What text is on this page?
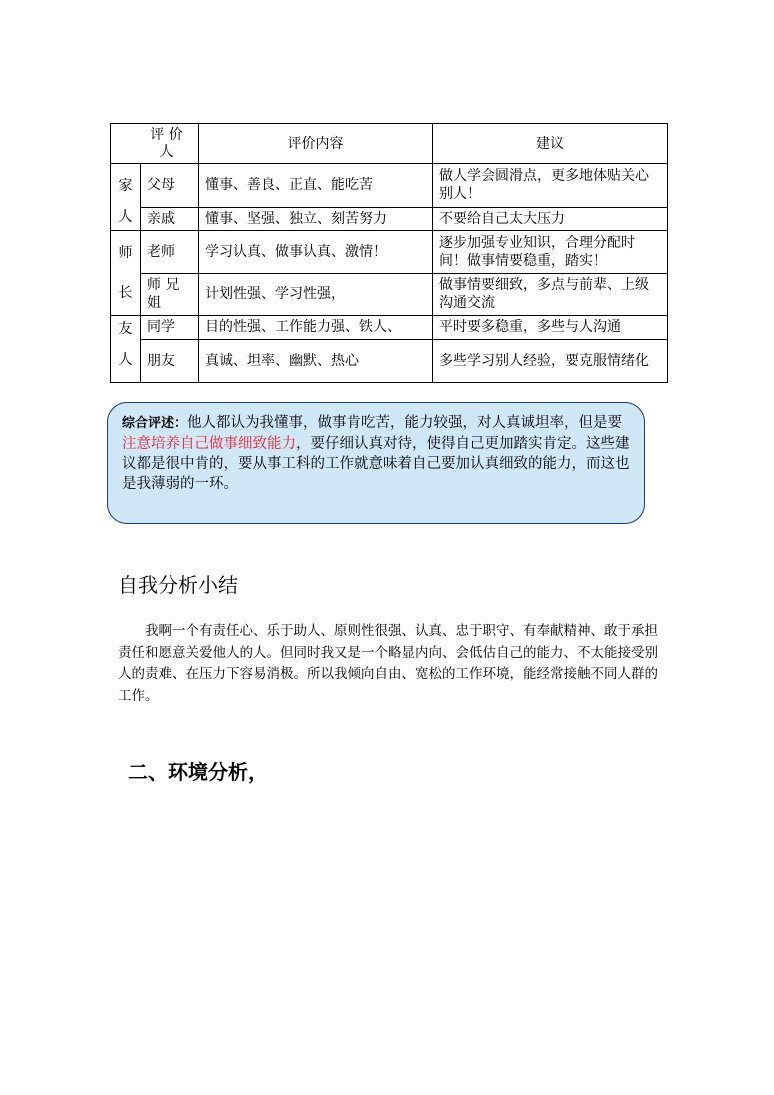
评 价 人		评价内容	建议

家
人	父母	懂事、善良、正直、能吃苦	做人学会圆滑点，更多地体贴关心别人！
	亲戚	懂事、坚强、独立、刻苦努力	不要给自己太大压力

师
长	老师	学习认真、做事认真、激情！	逐步加强专业知识，合理分配时间！做事情要稳重，踏实！
	师 兄 姐	计划性强、学习性强，	做事情要细致，多点与前辈、上级沟通交流

友
人	同学	目的性强、工作能力强、铁人、	平时要多稳重，多些与人沟通
	朋友	真诚、坦率、幽默、热心	多些学习别人经验，要克服情绪化
综合评述：他人都认为我懂事，做事肯吃苦，能力较强，对人真诚坦率，但是要注意培养自己做事细致能力，要仔细认真对待，使得自己更加踏实肯定。这些建议都是很中肯的，要从事工科的工作就意味着自己要加认真细致的能力，而这也是我薄弱的一环。
自我分析小结

我啊一个有责任心、乐于助人、原则性很强、认真、忠于职守、有奉献精神、敢于承担责任和愿意关爱他人的人。但同时我又是一个略显内向、会低估自己的能力、不太能接受别人的责难、在压力下容易消极。所以我倾向自由、宽松的工作环境，能经常接触不同人群的工作。

二、环境分析，
